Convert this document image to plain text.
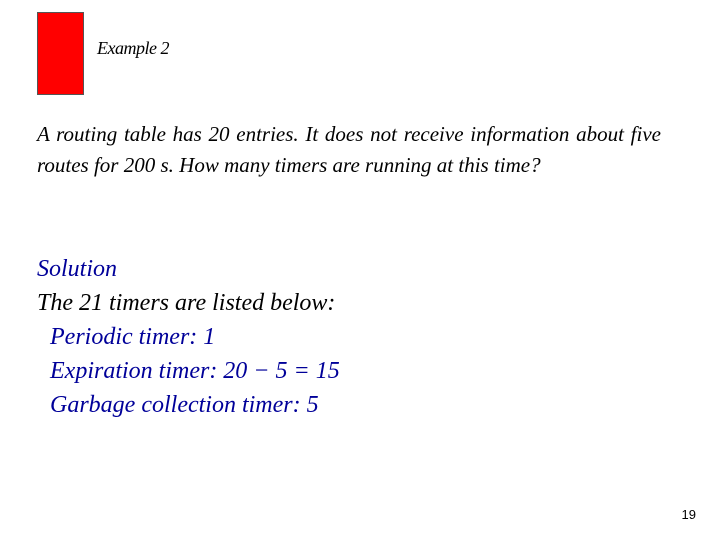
Example 2
A routing table has 20 entries. It does not receive information about five routes for 200 s. How many timers are running at this time?
Solution
The 21 timers are listed below:
Periodic timer: 1
Expiration timer: 20 − 5 = 15
Garbage collection timer: 5
19
